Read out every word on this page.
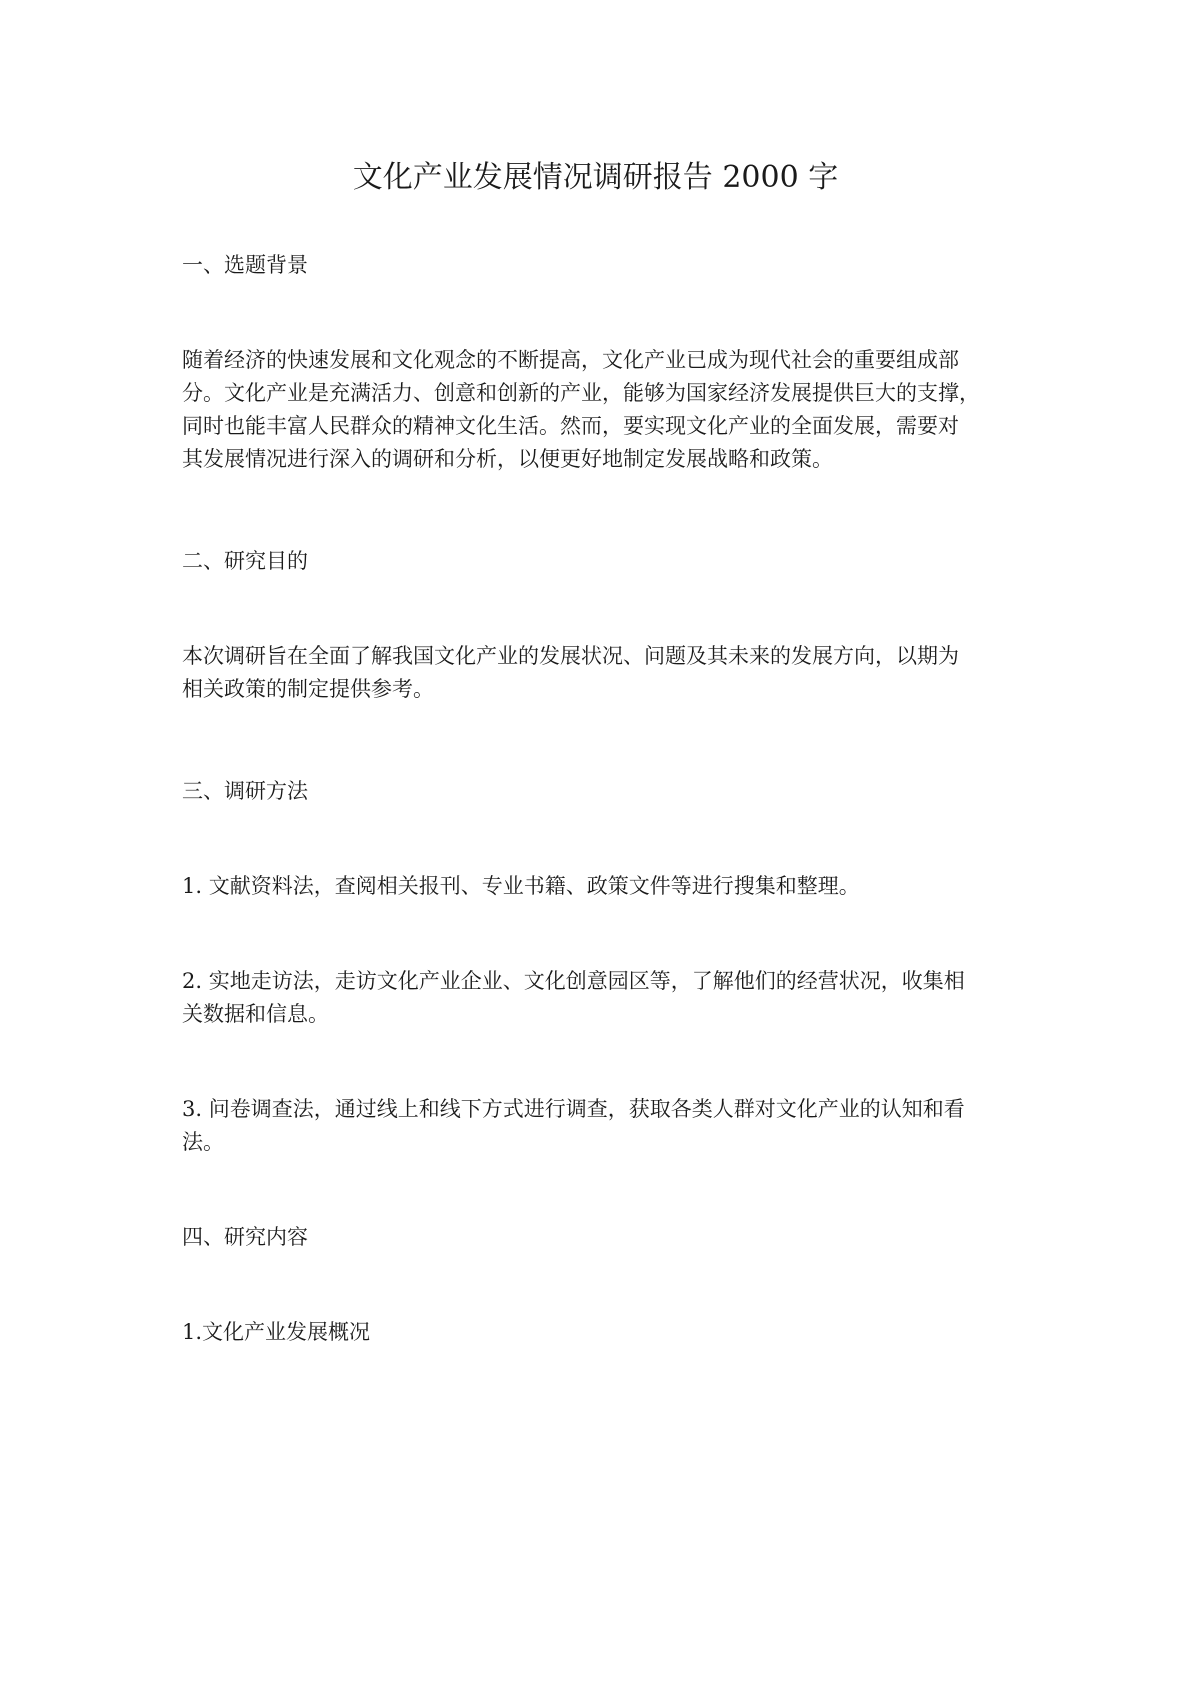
文化产业发展情况调研报告 2000 字

一、选题背景

随着经济的快速发展和文化观念的不断提高，文化产业已成为现代社会的重要组成部

分。文化产业是充满活力、创意和创新的产业，能够为国家经济发展提供巨大的支撑，

同时也能丰富人民群众的精神文化生活。然而，要实现文化产业的全面发展，需要对

其发展情况进行深入的调研和分析，以便更好地制定发展战略和政策。

二、研究目的

本次调研旨在全面了解我国文化产业的发展状况、问题及其未来的发展方向，以期为

相关政策的制定提供参考。

三、调研方法

1. 文献资料法，查阅相关报刊、专业书籍、政策文件等进行搜集和整理。

2. 实地走访法，走访文化产业企业、文化创意园区等，了解他们的经营状况，收集相

关数据和信息。

3. 问卷调查法，通过线上和线下方式进行调查，获取各类人群对文化产业的认知和看

法。

四、研究内容

1.文化产业发展概况
